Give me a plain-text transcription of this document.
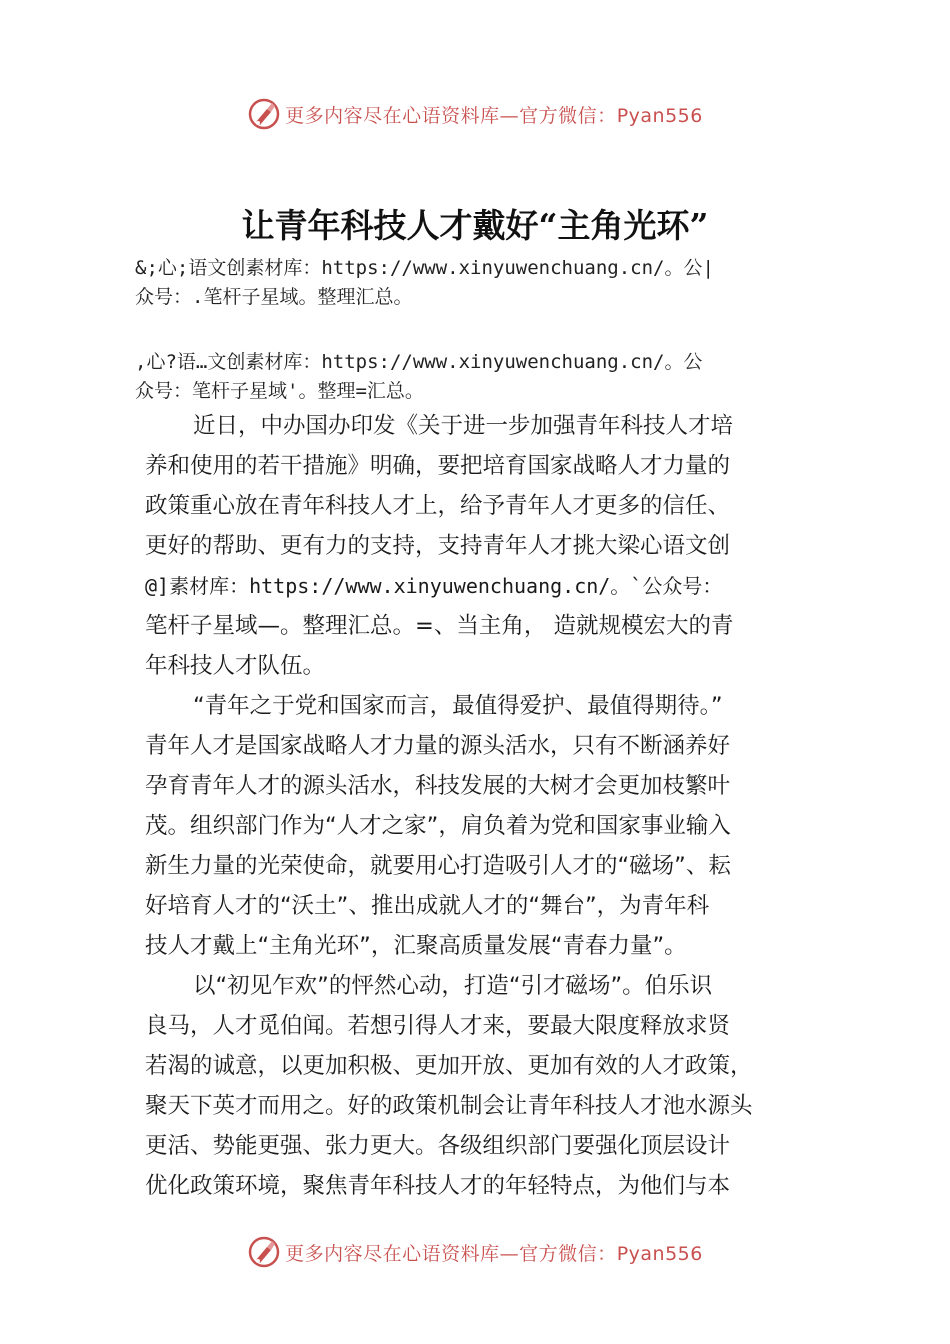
更多内容尽在心语资料库—官方微信：Pyan556
让青年科技人才戴好“主角光环”
&;心;语文创素材库：https://www.xinyuwenchuang.cn/。公|
众号：.笔杆子星域。整理汇总。
,心?语…文创素材库：https://www.xinyuwenchuang.cn/。公
众号：笔杆子星域'。整理=汇总。
近日，中办国办印发《关于进一步加强青年科技人才培
养和使用的若干措施》明确，要把培育国家战略人才力量的
政策重心放在青年科技人才上，给予青年人才更多的信任、
更好的帮助、更有力的支持，支持青年人才挑大梁心语文创
@]素材库：https://www.xinyuwenchuang.cn/。`公众号：
笔杆子星域—。整理汇总。=、当主角， 造就规模宏大的青
年科技人才队伍。
“青年之于党和国家而言，最值得爱护、最值得期待。”
青年人才是国家战略人才力量的源头活水，只有不断涵养好
孕育青年人才的源头活水，科技发展的大树才会更加枝繁叶
茂。组织部门作为“人才之家”，肩负着为党和国家事业输入
新生力量的光荣使命，就要用心打造吸引人才的“磁场”、耘
好培育人才的“沃土”、推出成就人才的“舞台”，为青年科
技人才戴上“主角光环”，汇聚高质量发展“青春力量”。
以“初见乍欢”的怦然心动，打造“引才磁场”。伯乐识
良马，人才觅伯闻。若想引得人才来，要最大限度释放求贤
若渴的诚意，以更加积极、更加开放、更加有效的人才政策，
聚天下英才而用之。好的政策机制会让青年科技人才池水源头
更活、势能更强、张力更大。各级组织部门要强化顶层设计
优化政策环境，聚焦青年科技人才的年轻特点，为他们与本
更多内容尽在心语资料库—官方微信：Pyan556
